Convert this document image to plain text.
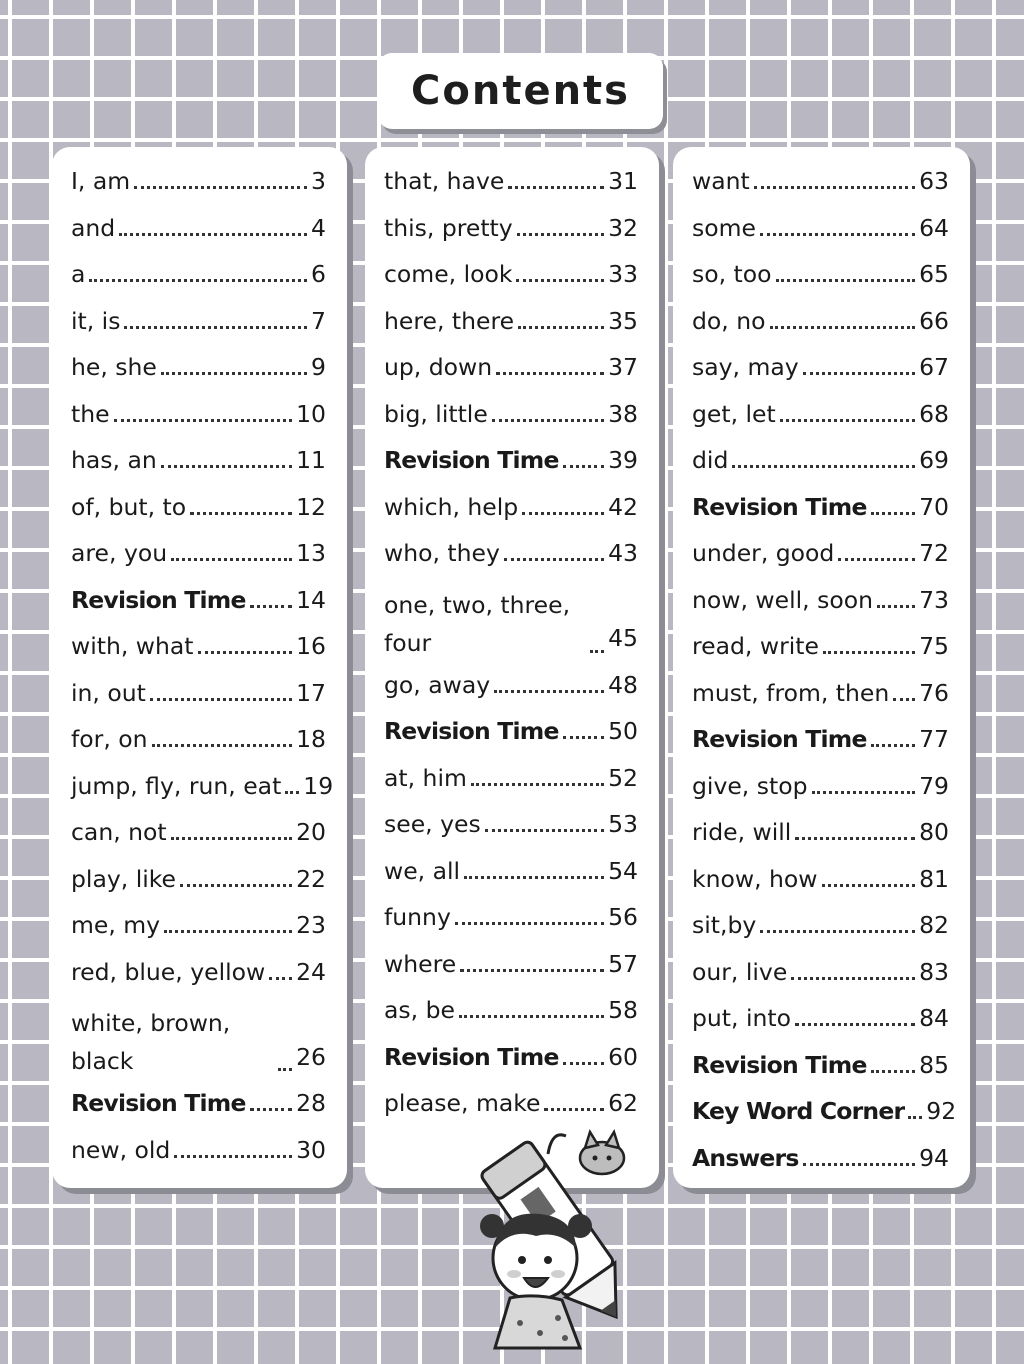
Contents
I, am	3
and	4
a	6
it, is	7
he, she	9
the	10
has, an	11
of, but, to	12
are, you	13
Revision Time 14
with, what	16
in, out	17
for, on	18
jump, fly, run, eat 19
can, not	20
play, like	22
me, my	23
red, blue, yellow 24
white, brown, black	26
Revision Time 28
new, old	30
that, have	31
this, pretty	32
come, look	33
here, there	35
up, down	37
big, little	38
Revision Time 39
which, help	42
who, they	43
one, two, three, four	45
go, away	48
Revision Time 50
at, him	52
see, yes	53
we, all	54
funny	56
where	57
as, be	58
Revision Time 60
please, make	62
want	63
some	64
so, too	65
do, no	66
say, may	67
get, let	68
did	69
Revision Time 70
under, good	72
now, well, soon 73
read, write	75
must, from, then 76
Revision Time 77
give, stop	79
ride, will	80
know, how	81
sit,by	82
our, live	83
put, into	84
Revision Time 85
Key Word Corner 92
Answers	94
